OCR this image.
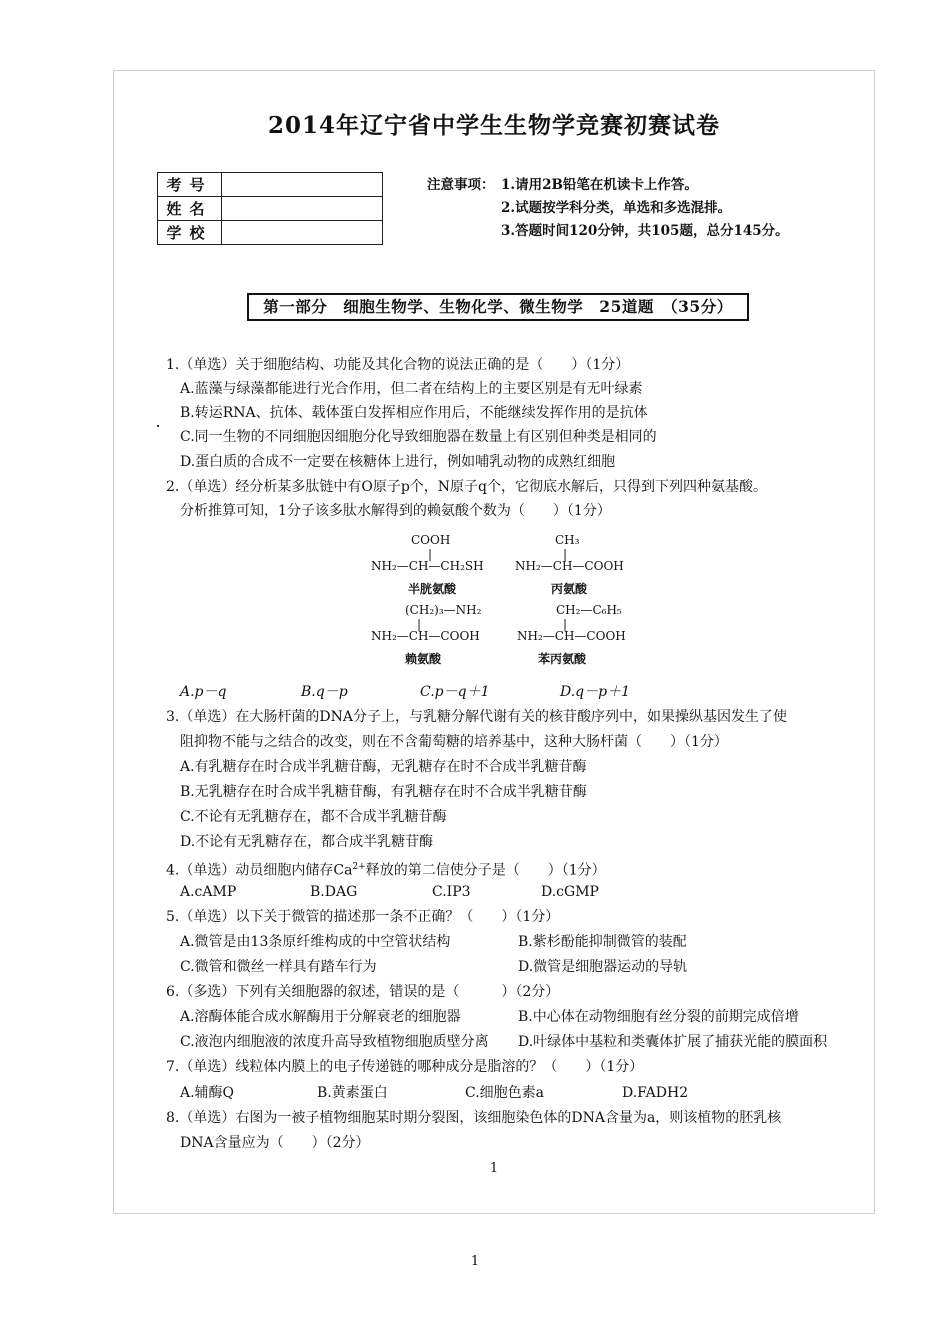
2014年辽宁省中学生生物学竞赛初赛试卷
考号	
姓名	
学校	
注意事项： 1.请用2B铅笔在机读卡上作答。
2.试题按学科分类，单选和多选混排。
3.答题时间120分钟，共105题，总分145分。
第一部分　细胞生物学、生物化学、微生物学　25道题　（35分）
1.（单选）关于细胞结构、功能及其化合物的说法正确的是（　　）（1分）
A.蓝藻与绿藻都能进行光合作用，但二者在结构上的主要区别是有无叶绿素
B.转运RNA、抗体、载体蛋白发挥相应作用后，不能继续发挥作用的是抗体
C.同一生物的不同细胞因细胞分化导致细胞器在数量上有区别但种类是相同的
D.蛋白质的合成不一定要在核糖体上进行，例如哺乳动物的成熟红细胞
2.（单选）经分析某多肽链中有O原子p个，N原子q个，它彻底水解后，只得到下列四种氨基酸。
分析推算可知，1分子该多肽水解得到的赖氨酸个数为（　　）（1分）
COOH
|
NH₂—CH—CH₂SH
半胱氨酸
CH₃
|
NH₂—CH—COOH
丙氨酸
(CH₂)₃—NH₂
|
NH₂—CH—COOH
赖氨酸
CH₂—C₆H₅
|
NH₂—CH—COOH
苯丙氨酸
A.p－q	B.q－p	C.p－q＋1	D.q－p＋1
3.（单选）在大肠杆菌的DNA分子上，与乳糖分解代谢有关的核苷酸序列中，如果操纵基因发生了使
阻抑物不能与之结合的改变，则在不含葡萄糖的培养基中，这种大肠杆菌（　　）（1分）
A.有乳糖存在时合成半乳糖苷酶，无乳糖存在时不合成半乳糖苷酶
B.无乳糖存在时合成半乳糖苷酶，有乳糖存在时不合成半乳糖苷酶
C.不论有无乳糖存在，都不合成半乳糖苷酶
D.不论有无乳糖存在，都合成半乳糖苷酶
4.（单选）动员细胞内储存$Ca^{2+}$释放的第二信使分子是（　　）（1分）
A.cAMP	B.DAG	C.IP3	D.cGMP
5.（单选）以下关于微管的描述那一条不正确？（　　）（1分）
A.微管是由13条原纤维构成的中空管状结构	B.紫杉酚能抑制微管的装配
C.微管和微丝一样具有踏车行为	D.微管是细胞器运动的导轨
6.（多选）下列有关细胞器的叙述，错误的是（　　　）（2分）
A.溶酶体能合成水解酶用于分解衰老的细胞器	B.中心体在动物细胞有丝分裂的前期完成倍增
C.液泡内细胞液的浓度升高导致植物细胞质壁分离 D.叶绿体中基粒和类囊体扩展了捕获光能的膜面积
7.（单选）线粒体内膜上的电子传递链的哪种成分是脂溶的？（　　）（1分）
A.辅酶Q	B.黄素蛋白	C.细胞色素a	D.FADH2
8.（单选）右图为一被子植物细胞某时期分裂图，该细胞染色体的DNA含量为a，则该植物的胚乳核
DNA含量应为（　　）（2分）
1
1
